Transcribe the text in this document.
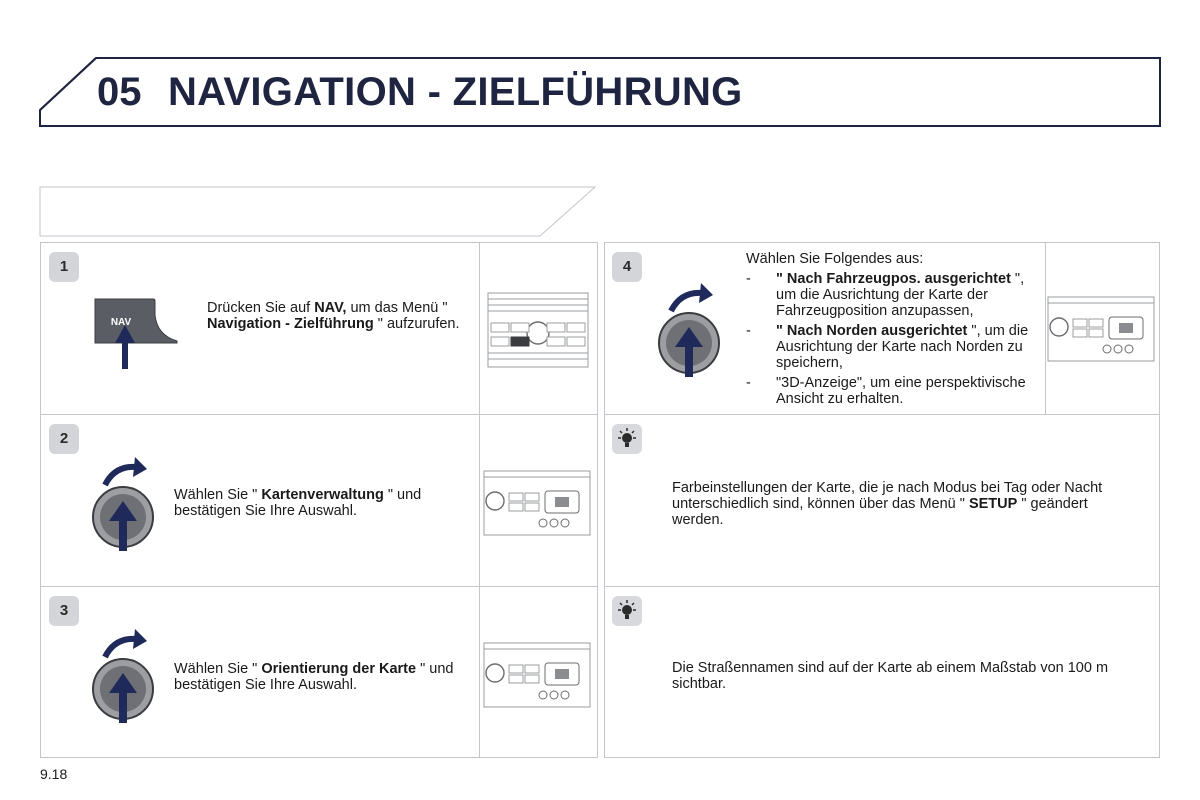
05 NAVIGATION - ZIELFÜHRUNG
1
NAV
Drücken Sie auf NAV, um das Menü " Navigation - Zielführung " aufzurufen.
2
Wählen Sie " Kartenverwaltung " und bestätigen Sie Ihre Auswahl.
3
Wählen Sie " Orientierung der Karte " und bestätigen Sie Ihre Auswahl.
4	Wählen Sie Folgendes aus:
- " Nach Fahrzeugpos. ausgerichtet ", um die Ausrichtung der Karte der Fahrzeugposition anzupassen,
- " Nach Norden ausgerichtet ", um die Ausrichtung der Karte nach Norden zu speichern,
- "3D-Anzeige", um eine perspektivische Ansicht zu erhalten.
Farbeinstellungen der Karte, die je nach Modus bei Tag oder Nacht unterschiedlich sind, können über das Menü " SETUP " geändert werden.
Die Straßennamen sind auf der Karte ab einem Maßstab von 100 m sichtbar.
9.18
